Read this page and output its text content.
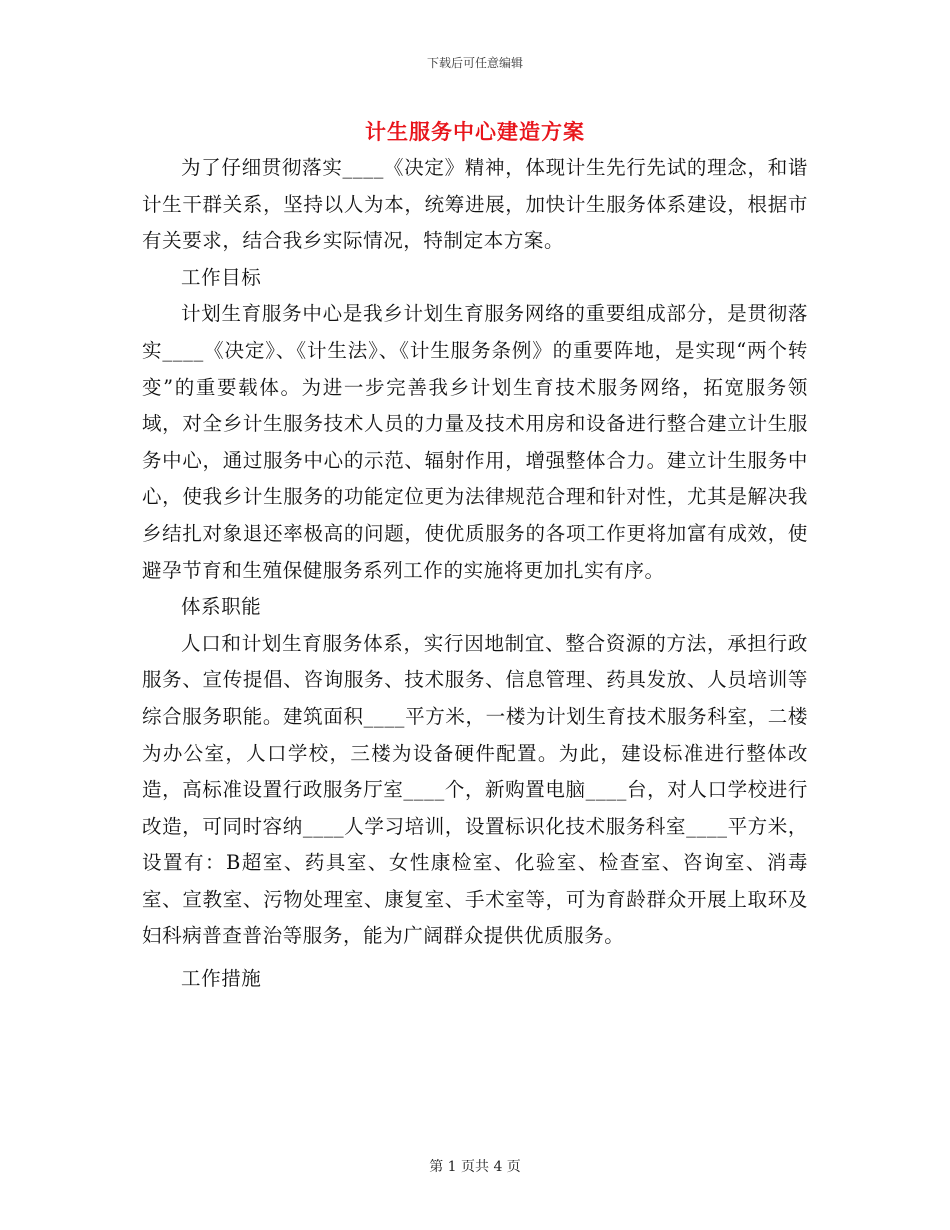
下载后可任意编辑
计生服务中心建造方案

为了仔细贯彻落实____《决定》精神，体现计生先行先试的理念，和谐计生干群关系，坚持以人为本，统筹进展，加快计生服务体系建设，根据市有关要求，结合我乡实际情况，特制定本方案。

工作目标

计划生育服务中心是我乡计划生育服务网络的重要组成部分，是贯彻落实____《决定》、《计生法》、《计生服务条例》的重要阵地，是实现“两个转变”的重要载体。为进一步完善我乡计划生育技术服务网络，拓宽服务领域，对全乡计生服务技术人员的力量及技术用房和设备进行整合建立计生服务中心，通过服务中心的示范、辐射作用，增强整体合力。建立计生服务中心，使我乡计生服务的功能定位更为法律规范合理和针对性，尤其是解决我乡结扎对象退还率极高的问题，使优质服务的各项工作更将加富有成效，使避孕节育和生殖保健服务系列工作的实施将更加扎实有序。

体系职能

人口和计划生育服务体系，实行因地制宜、整合资源的方法，承担行政服务、宣传提倡、咨询服务、技术服务、信息管理、药具发放、人员培训等综合服务职能。建筑面积____平方米，一楼为计划生育技术服务科室，二楼为办公室，人口学校，三楼为设备硬件配置。为此，建设标准进行整体改造，高标准设置行政服务厅室____个，新购置电脑____台，对人口学校进行改造，可同时容纳____人学习培训，设置标识化技术服务科室____平方米，设置有：B超室、药具室、女性康检室、化验室、检查室、咨询室、消毒室、宣教室、污物处理室、康复室、手术室等，可为育龄群众开展上取环及妇科病普查普治等服务，能为广阔群众提供优质服务。

工作措施

第 1 页共 4 页
